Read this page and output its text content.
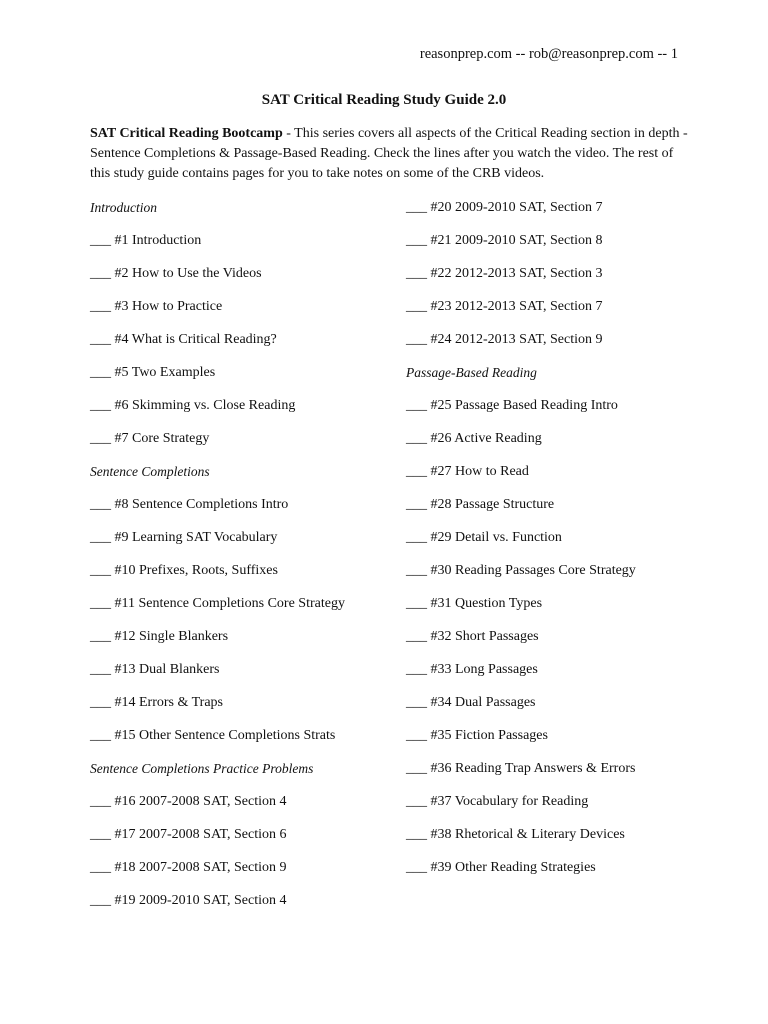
reasonprep.com -- rob@reasonprep.com -- 1
SAT Critical Reading Study Guide 2.0
SAT Critical Reading Bootcamp - This series covers all aspects of the Critical Reading section in depth - Sentence Completions & Passage-Based Reading. Check the lines after you watch the video. The rest of this study guide contains pages for you to take notes on some of the CRB videos.
Introduction
___ #1 Introduction
___ #2 How to Use the Videos
___ #3 How to Practice
___ #4 What is Critical Reading?
___ #5 Two Examples
___ #6 Skimming vs. Close Reading
___ #7 Core Strategy
Sentence Completions
___ #8 Sentence Completions Intro
___ #9 Learning SAT Vocabulary
___ #10 Prefixes, Roots, Suffixes
___ #11 Sentence Completions Core Strategy
___ #12 Single Blankers
___ #13 Dual Blankers
___ #14 Errors & Traps
___ #15 Other Sentence Completions Strats
Sentence Completions Practice Problems
___ #16 2007-2008 SAT, Section 4
___ #17 2007-2008 SAT, Section 6
___ #18 2007-2008 SAT, Section 9
___ #19 2009-2010 SAT, Section 4
___ #20 2009-2010 SAT, Section 7
___ #21 2009-2010 SAT, Section 8
___ #22 2012-2013 SAT, Section 3
___ #23 2012-2013 SAT, Section 7
___ #24 2012-2013 SAT, Section 9
Passage-Based Reading
___ #25 Passage Based Reading Intro
___ #26 Active Reading
___ #27 How to Read
___ #28 Passage Structure
___ #29 Detail vs. Function
___ #30 Reading Passages Core Strategy
___ #31 Question Types
___ #32 Short Passages
___ #33 Long Passages
___ #34 Dual Passages
___ #35 Fiction Passages
___ #36 Reading Trap Answers & Errors
___ #37 Vocabulary for Reading
___ #38 Rhetorical & Literary Devices
___ #39 Other Reading Strategies
